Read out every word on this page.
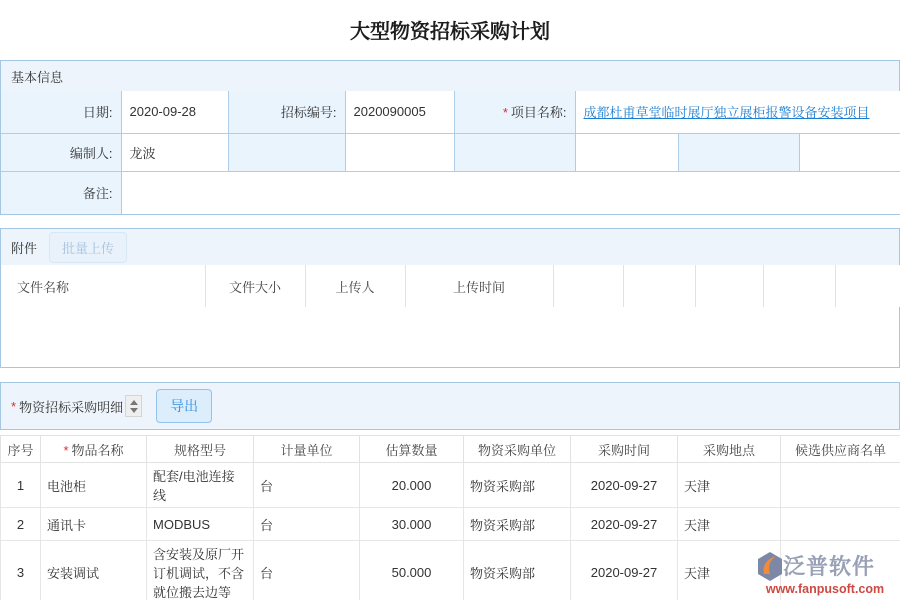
大型物资招标采购计划
基本信息
日期:	2020-09-28	招标编号:	2020090005	* 项目名称:	成都杜甫草堂临时展厅独立展柜报警设备安装项目		
编制人:	龙波						
备注:							
附件	批量上传
文件名称	文件大小	上传人	上传时间					
* 物资招标采购明细	导出
序号	* 物品名称	规格型号	计量单位	估算数量	物资采购单位	采购时间	采购地点	候选供应商名单
1	电池柜	配套/电池连接线	台	20.000	物资采购部	2020-09-27	天津	
2	通讯卡	MODBUS	台	30.000	物资采购部	2020-09-27	天津	
3	安装调试	含安装及原厂开订机调试，不含就位搬去边等	台	50.000	物资采购部	2020-09-27	天津		泛普软件
www.fanpusoft.com
